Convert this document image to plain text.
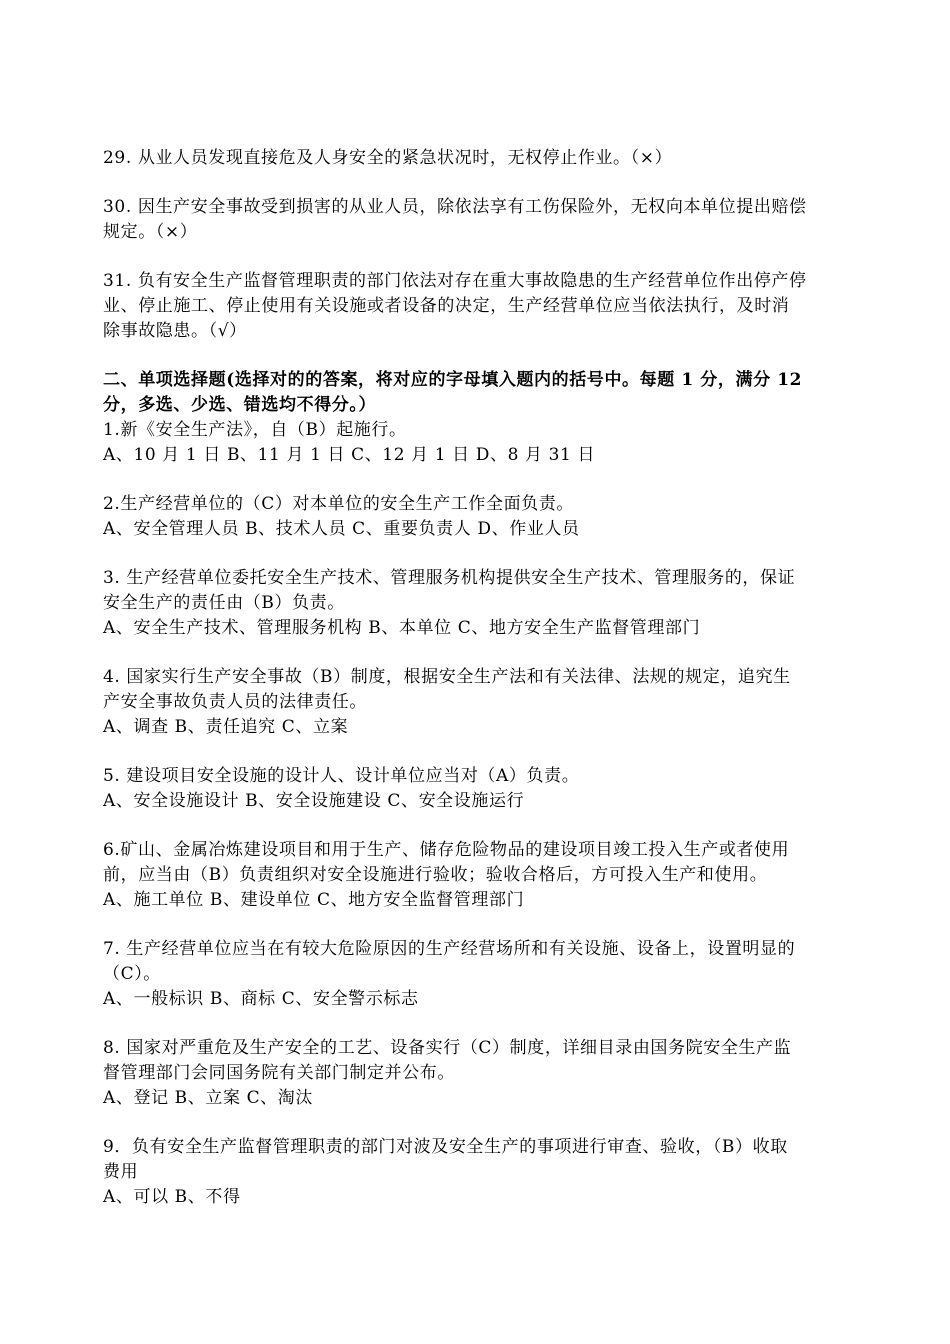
29. 从业人员发现直接危及人身安全的紧急状况时，无权停止作业。（×）
30. 因生产安全事故受到损害的从业人员，除依法享有工伤保险外，无权向本单位提出赔偿
规定。（×）
31. 负有安全生产监督管理职责的部门依法对存在重大事故隐患的生产经营单位作出停产停
业、停止施工、停止使用有关设施或者设备的决定，生产经营单位应当依法执行，及时消
除事故隐患。（√）
二、单项选择题(选择对的的答案，将对应的字母填入题内的括号中。每题 1 分，满分 12
分，多选、少选、错选均不得分。）
1.新《安全生产法》，自（B）起施行。
A、10 月 1 日 B、11 月 1 日 C、12 月 1 日 D、8 月 31 日
2.生产经营单位的（C）对本单位的安全生产工作全面负责。
A、安全管理人员 B、技术人员 C、重要负责人 D、作业人员
3. 生产经营单位委托安全生产技术、管理服务机构提供安全生产技术、管理服务的，保证
安全生产的责任由（B）负责。
A、安全生产技术、管理服务机构 B、本单位 C、地方安全生产监督管理部门
4. 国家实行生产安全事故（B）制度，根据安全生产法和有关法律、法规的规定，追究生
产安全事故负责人员的法律责任。
A、调查 B、责任追究 C、立案
5. 建设项目安全设施的设计人、设计单位应当对（A）负责。
A、安全设施设计 B、安全设施建设 C、安全设施运行
6.矿山、金属冶炼建设项目和用于生产、储存危险物品的建设项目竣工投入生产或者使用
前，应当由（B）负责组织对安全设施进行验收；验收合格后，方可投入生产和使用。
A、施工单位 B、建设单位 C、地方安全监督管理部门
7. 生产经营单位应当在有较大危险原因的生产经营场所和有关设施、设备上，设置明显的
（C）。
A、一般标识 B、商标 C、安全警示标志
8. 国家对严重危及生产安全的工艺、设备实行（C）制度，详细目录由国务院安全生产监
督管理部门会同国务院有关部门制定并公布。
A、登记 B、立案 C、淘汰
9．负有安全生产监督管理职责的部门对波及安全生产的事项进行审查、验收，（B）收取
费用
A、可以 B、不得
